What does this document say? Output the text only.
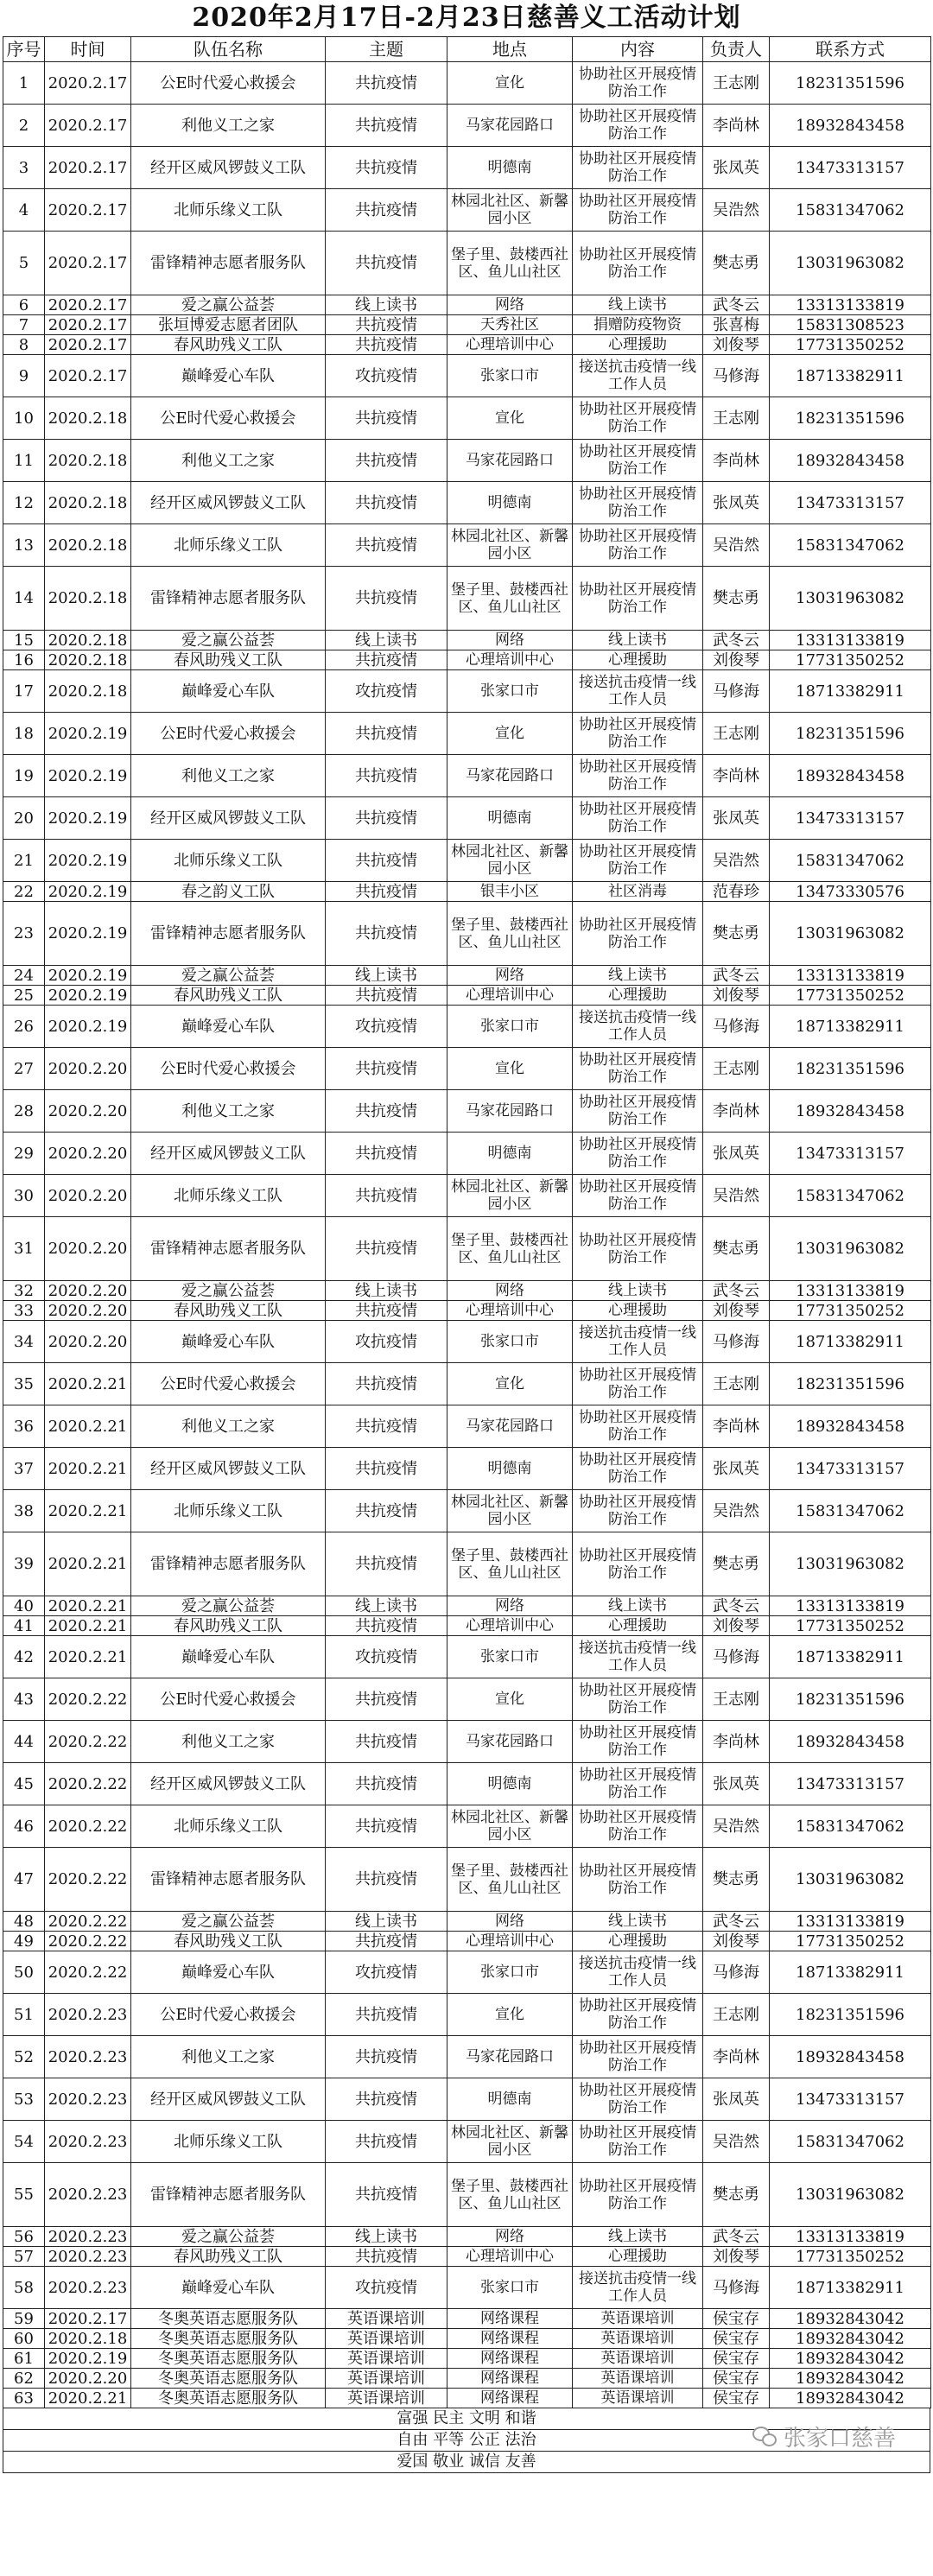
2020年2月17日-2月23日慈善义工活动计划
序号	时间	队伍名称	主题	地点	内容	负责人	联系方式
1	2020.2.17	公E时代爱心救援会	共抗疫情	宣化	协助社区开展疫情防治工作	王志刚	18231351596
2	2020.2.17	利他义工之家	共抗疫情	马家花园路口	协助社区开展疫情防治工作	李尚林	18932843458
3	2020.2.17	经开区威风锣鼓义工队	共抗疫情	明德南	协助社区开展疫情防治工作	张凤英	13473313157
4	2020.2.17	北师乐缘义工队	共抗疫情	林园北社区、新馨园小区	协助社区开展疫情防治工作	吴浩然	15831347062
5	2020.2.17	雷锋精神志愿者服务队	共抗疫情	堡子里、鼓楼西社区、鱼儿山社区	协助社区开展疫情防治工作	樊志勇	13031963082
6	2020.2.17	爱之赢公益荟	线上读书	网络	线上读书	武冬云	13313133819
7	2020.2.17	张垣博爱志愿者团队	共抗疫情	天秀社区	捐赠防疫物资	张喜梅	15831308523
8	2020.2.17	春风助残义工队	共抗疫情	心理培训中心	心理援助	刘俊琴	17731350252
9	2020.2.17	巅峰爱心车队	攻抗疫情	张家口市	接送抗击疫情一线工作人员	马修海	18713382911
10	2020.2.18	公E时代爱心救援会	共抗疫情	宣化	协助社区开展疫情防治工作	王志刚	18231351596
11	2020.2.18	利他义工之家	共抗疫情	马家花园路口	协助社区开展疫情防治工作	李尚林	18932843458
12	2020.2.18	经开区威风锣鼓义工队	共抗疫情	明德南	协助社区开展疫情防治工作	张凤英	13473313157
13	2020.2.18	北师乐缘义工队	共抗疫情	林园北社区、新馨园小区	协助社区开展疫情防治工作	吴浩然	15831347062
14	2020.2.18	雷锋精神志愿者服务队	共抗疫情	堡子里、鼓楼西社区、鱼儿山社区	协助社区开展疫情防治工作	樊志勇	13031963082
15	2020.2.18	爱之赢公益荟	线上读书	网络	线上读书	武冬云	13313133819
16	2020.2.18	春风助残义工队	共抗疫情	心理培训中心	心理援助	刘俊琴	17731350252
17	2020.2.18	巅峰爱心车队	攻抗疫情	张家口市	接送抗击疫情一线工作人员	马修海	18713382911
18	2020.2.19	公E时代爱心救援会	共抗疫情	宣化	协助社区开展疫情防治工作	王志刚	18231351596
19	2020.2.19	利他义工之家	共抗疫情	马家花园路口	协助社区开展疫情防治工作	李尚林	18932843458
20	2020.2.19	经开区威风锣鼓义工队	共抗疫情	明德南	协助社区开展疫情防治工作	张凤英	13473313157
21	2020.2.19	北师乐缘义工队	共抗疫情	林园北社区、新馨园小区	协助社区开展疫情防治工作	吴浩然	15831347062
22	2020.2.19	春之韵义工队	共抗疫情	银丰小区	社区消毒	范春珍	13473330576
23	2020.2.19	雷锋精神志愿者服务队	共抗疫情	堡子里、鼓楼西社区、鱼儿山社区	协助社区开展疫情防治工作	樊志勇	13031963082
24	2020.2.19	爱之赢公益荟	线上读书	网络	线上读书	武冬云	13313133819
25	2020.2.19	春风助残义工队	共抗疫情	心理培训中心	心理援助	刘俊琴	17731350252
26	2020.2.19	巅峰爱心车队	攻抗疫情	张家口市	接送抗击疫情一线工作人员	马修海	18713382911
27	2020.2.20	公E时代爱心救援会	共抗疫情	宣化	协助社区开展疫情防治工作	王志刚	18231351596
28	2020.2.20	利他义工之家	共抗疫情	马家花园路口	协助社区开展疫情防治工作	李尚林	18932843458
29	2020.2.20	经开区威风锣鼓义工队	共抗疫情	明德南	协助社区开展疫情防治工作	张凤英	13473313157
30	2020.2.20	北师乐缘义工队	共抗疫情	林园北社区、新馨园小区	协助社区开展疫情防治工作	吴浩然	15831347062
31	2020.2.20	雷锋精神志愿者服务队	共抗疫情	堡子里、鼓楼西社区、鱼儿山社区	协助社区开展疫情防治工作	樊志勇	13031963082
32	2020.2.20	爱之赢公益荟	线上读书	网络	线上读书	武冬云	13313133819
33	2020.2.20	春风助残义工队	共抗疫情	心理培训中心	心理援助	刘俊琴	17731350252
34	2020.2.20	巅峰爱心车队	攻抗疫情	张家口市	接送抗击疫情一线工作人员	马修海	18713382911
35	2020.2.21	公E时代爱心救援会	共抗疫情	宣化	协助社区开展疫情防治工作	王志刚	18231351596
36	2020.2.21	利他义工之家	共抗疫情	马家花园路口	协助社区开展疫情防治工作	李尚林	18932843458
37	2020.2.21	经开区威风锣鼓义工队	共抗疫情	明德南	协助社区开展疫情防治工作	张凤英	13473313157
38	2020.2.21	北师乐缘义工队	共抗疫情	林园北社区、新馨园小区	协助社区开展疫情防治工作	吴浩然	15831347062
39	2020.2.21	雷锋精神志愿者服务队	共抗疫情	堡子里、鼓楼西社区、鱼儿山社区	协助社区开展疫情防治工作	樊志勇	13031963082
40	2020.2.21	爱之赢公益荟	线上读书	网络	线上读书	武冬云	13313133819
41	2020.2.21	春风助残义工队	共抗疫情	心理培训中心	心理援助	刘俊琴	17731350252
42	2020.2.21	巅峰爱心车队	攻抗疫情	张家口市	接送抗击疫情一线工作人员	马修海	18713382911
43	2020.2.22	公E时代爱心救援会	共抗疫情	宣化	协助社区开展疫情防治工作	王志刚	18231351596
44	2020.2.22	利他义工之家	共抗疫情	马家花园路口	协助社区开展疫情防治工作	李尚林	18932843458
45	2020.2.22	经开区威风锣鼓义工队	共抗疫情	明德南	协助社区开展疫情防治工作	张凤英	13473313157
46	2020.2.22	北师乐缘义工队	共抗疫情	林园北社区、新馨园小区	协助社区开展疫情防治工作	吴浩然	15831347062
47	2020.2.22	雷锋精神志愿者服务队	共抗疫情	堡子里、鼓楼西社区、鱼儿山社区	协助社区开展疫情防治工作	樊志勇	13031963082
48	2020.2.22	爱之赢公益荟	线上读书	网络	线上读书	武冬云	13313133819
49	2020.2.22	春风助残义工队	共抗疫情	心理培训中心	心理援助	刘俊琴	17731350252
50	2020.2.22	巅峰爱心车队	攻抗疫情	张家口市	接送抗击疫情一线工作人员	马修海	18713382911
51	2020.2.23	公E时代爱心救援会	共抗疫情	宣化	协助社区开展疫情防治工作	王志刚	18231351596
52	2020.2.23	利他义工之家	共抗疫情	马家花园路口	协助社区开展疫情防治工作	李尚林	18932843458
53	2020.2.23	经开区威风锣鼓义工队	共抗疫情	明德南	协助社区开展疫情防治工作	张凤英	13473313157
54	2020.2.23	北师乐缘义工队	共抗疫情	林园北社区、新馨园小区	协助社区开展疫情防治工作	吴浩然	15831347062
55	2020.2.23	雷锋精神志愿者服务队	共抗疫情	堡子里、鼓楼西社区、鱼儿山社区	协助社区开展疫情防治工作	樊志勇	13031963082
56	2020.2.23	爱之赢公益荟	线上读书	网络	线上读书	武冬云	13313133819
57	2020.2.23	春风助残义工队	共抗疫情	心理培训中心	心理援助	刘俊琴	17731350252
58	2020.2.23	巅峰爱心车队	攻抗疫情	张家口市	接送抗击疫情一线工作人员	马修海	18713382911
59	2020.2.17	冬奥英语志愿服务队	英语课培训	网络课程	英语课培训	侯宝存	18932843042
60	2020.2.18	冬奥英语志愿服务队	英语课培训	网络课程	英语课培训	侯宝存	18932843042
61	2020.2.19	冬奥英语志愿服务队	英语课培训	网络课程	英语课培训	侯宝存	18932843042
62	2020.2.20	冬奥英语志愿服务队	英语课培训	网络课程	英语课培训	侯宝存	18932843042
63	2020.2.21	冬奥英语志愿服务队	英语课培训	网络课程	英语课培训	侯宝存	18932843042
富强 民主 文明 和谐
自由 平等 公正 法治
爱国 敬业 诚信 友善
张家口慈善
